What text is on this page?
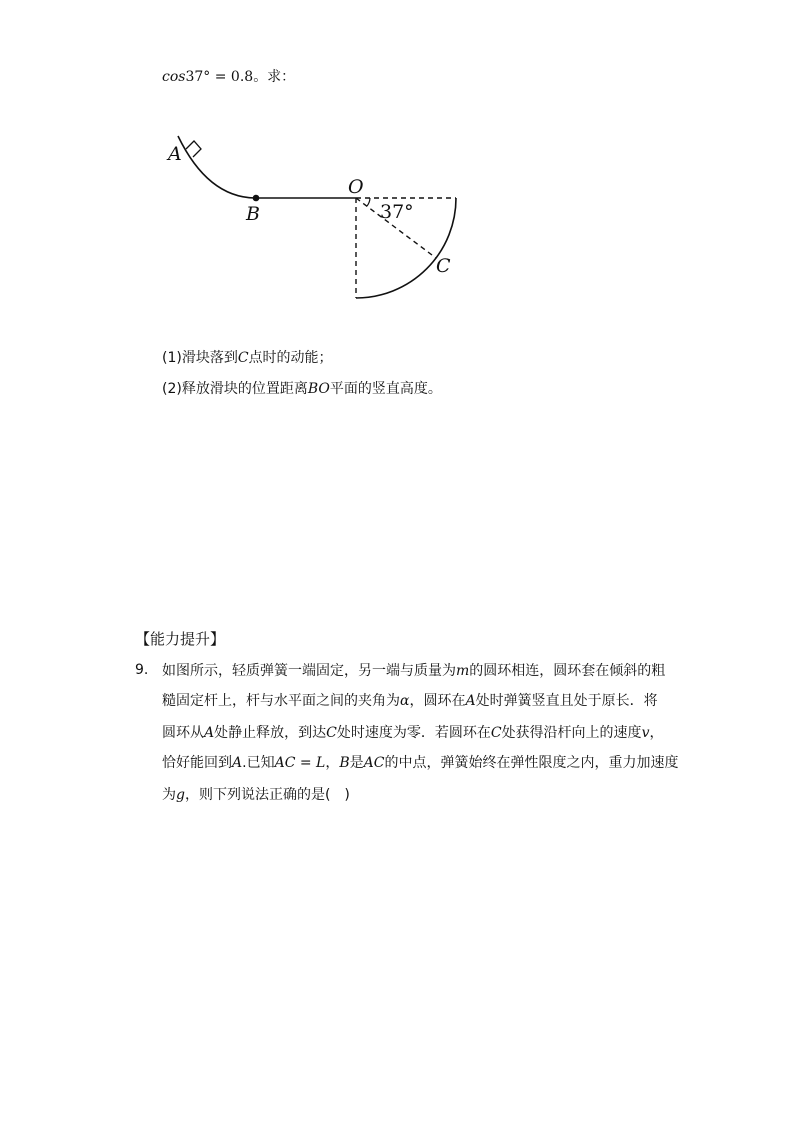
cos37° = 0.8。求：
A
B
O
C
37°
(1)滑块落到C点时的动能；
(2)释放滑块的位置距离BO平面的竖直高度。
【能力提升】
9. 如图所示，轻质弹簧一端固定，另一端与质量为m的圆环相连，圆环套在倾斜的粗
糙固定杆上，杆与水平面之间的夹角为α，圆环在A处时弹簧竖直且处于原长．将
圆环从A处静止释放，到达C处时速度为零．若圆环在C处获得沿杆向上的速度v，
恰好能回到A.已知AC = L，B是AC的中点，弹簧始终在弹性限度之内，重力加速度
为g，则下列说法正确的是(　)
